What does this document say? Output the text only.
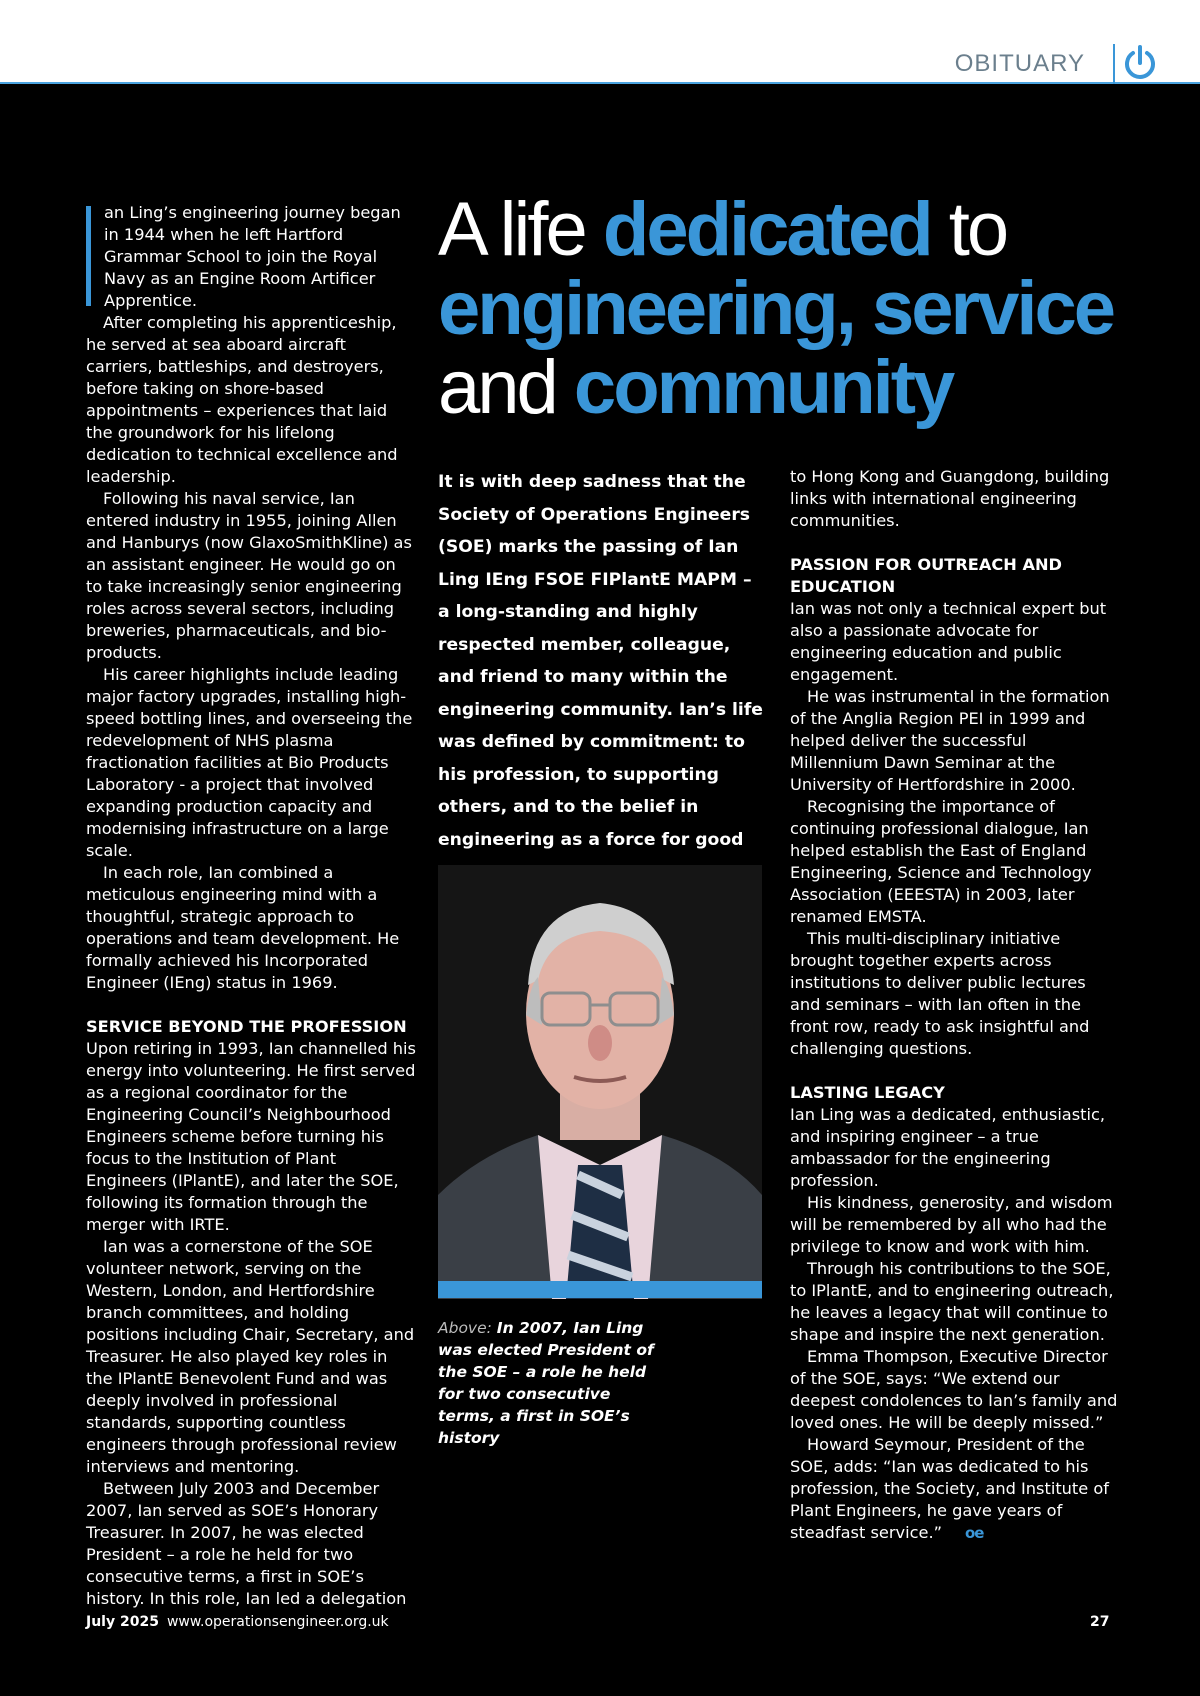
OBITUARY
A life dedicated to
engineering, service
and community

an Ling’s engineering journey began in 1944 when he left Hartford Grammar School to join the Royal Navy as an Engine Room Artificer Apprentice.

After completing his apprenticeship, he served at sea aboard aircraft carriers, battleships, and destroyers, before taking on shore-based appointments – experiences that laid the groundwork for his lifelong dedication to technical excellence and leadership.

Following his naval service, Ian entered industry in 1955, joining Allen and Hanburys (now GlaxoSmithKline) as an assistant engineer. He would go on to take increasingly senior engineering roles across several sectors, including breweries, pharmaceuticals, and bio-products.

His career highlights include leading major factory upgrades, installing high-speed bottling lines, and overseeing the redevelopment of NHS plasma fractionation facilities at Bio Products Laboratory - a project that involved expanding production capacity and modernising infrastructure on a large scale.

In each role, Ian combined a meticulous engineering mind with a thoughtful, strategic approach to operations and team development. He formally achieved his Incorporated Engineer (IEng) status in 1969.

SERVICE BEYOND THE PROFESSION

Upon retiring in 1993, Ian channelled his energy into volunteering. He first served as a regional coordinator for the Engineering Council’s Neighbourhood Engineers scheme before turning his focus to the Institution of Plant Engineers (IPlantE), and later the SOE, following its formation through the merger with IRTE.

Ian was a cornerstone of the SOE volunteer network, serving on the Western, London, and Hertfordshire branch committees, and holding positions including Chair, Secretary, and Treasurer. He also played key roles in the IPlantE Benevolent Fund and was deeply involved in professional standards, supporting countless engineers through professional review interviews and mentoring.

Between July 2003 and December 2007, Ian served as SOE’s Honorary Treasurer. In 2007, he was elected President – a role he held for two consecutive terms, a first in SOE’s history. In this role, Ian led a delegation

It is with deep sadness that the Society of Operations Engineers (SOE) marks the passing of Ian Ling IEng FSOE FIPlantE MAPM – a long-standing and highly respected member, colleague, and friend to many within the engineering community. Ian’s life was defined by commitment: to his profession, to supporting others, and to the belief in engineering as a force for good
Above: In 2007, Ian Ling was elected President of the SOE – a role he held for two consecutive terms, a first in SOE’s history

to Hong Kong and Guangdong, building links with international engineering communities.

PASSION FOR OUTREACH AND EDUCATION

Ian was not only a technical expert but also a passionate advocate for engineering education and public engagement.

He was instrumental in the formation of the Anglia Region PEI in 1999 and helped deliver the successful Millennium Dawn Seminar at the University of Hertfordshire in 2000.

Recognising the importance of continuing professional dialogue, Ian helped establish the East of England Engineering, Science and Technology Association (EEESTA) in 2003, later renamed EMSTA.

This multi-disciplinary initiative brought together experts across institutions to deliver public lectures and seminars – with Ian often in the front row, ready to ask insightful and challenging questions.

LASTING LEGACY

Ian Ling was a dedicated, enthusiastic, and inspiring engineer – a true ambassador for the engineering profession.

His kindness, generosity, and wisdom will be remembered by all who had the privilege to know and work with him.

Through his contributions to the SOE, to IPlantE, and to engineering outreach, he leaves a legacy that will continue to shape and inspire the next generation.

Emma Thompson, Executive Director of the SOE, says: “We extend our deepest condolences to Ian’s family and loved ones. He will be deeply missed.”

Howard Seymour, President of the SOE, adds: “Ian was dedicated to his profession, the Society, and Institute of Plant Engineers, he gave years of steadfast service.” oe

July 2025 www.operationsengineer.org.uk	27
